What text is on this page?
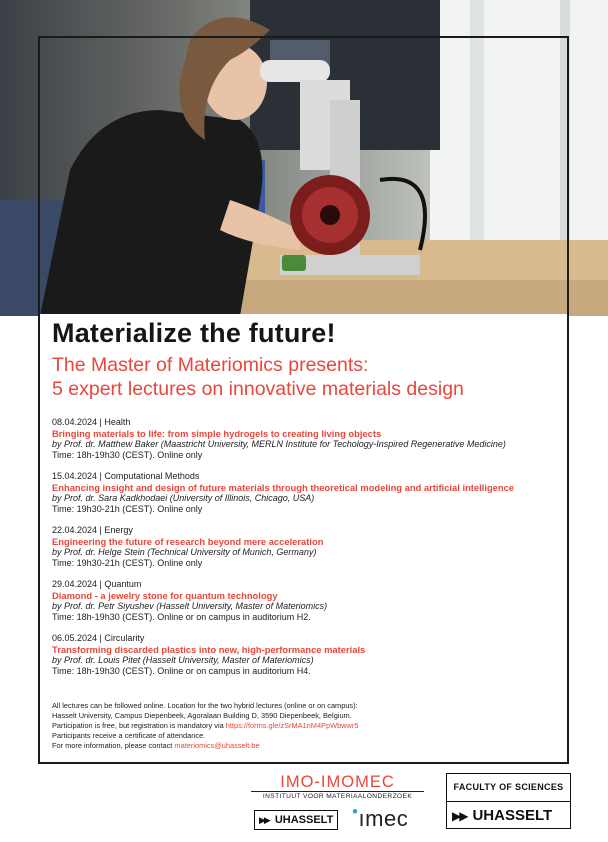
Materialize the future!
The Master of Materiomics presents:
5 expert lectures on innovative materials design
08.04.2024 | Health
Bringing materials to life: from simple hydrogels to creating living objects
by Prof. dr. Matthew Baker (Maastricht University, MERLN Institute for Techology-Inspired Regenerative Medicine)
Time: 18h-19h30 (CEST). Online only
15.04.2024 | Computational Methods
Enhancing insight and design of future materials through theoretical modeling and artificial intelligence
by Prof. dr. Sara Kadkhodaei (University of Illinois, Chicago, USA)
Time: 19h30-21h (CEST). Online only
22.04.2024 | Energy
Engineering the future of research beyond mere acceleration
by Prof. dr. Helge Stein (Technical University of Munich, Germany)
Time: 19h30-21h (CEST). Online only
29.04.2024 | Quantum
Diamond - a jewelry stone for quantum technology
by Prof. dr. Petr Siyushev (Hasselt University, Master of Materiomics)
Time: 18h-19h30 (CEST). Online or on campus in auditorium H2.
06.05.2024 | Circularity
Transforming discarded plastics into new, high-performance materials
by Prof. dr. Louis Pitet (Hasselt University, Master of Materiomics)
Time: 18h-19h30 (CEST). Online or on campus in auditorium H4.
All lectures can be followed online. Location for the two hybrid lectures (online or on campus):
Hasselt University, Campus Diepenbeek, Agoralaan Building D, 3590 Diepenbeek, Belgium.
Participation is free, but registration is mandatory via https://forms.gle/zSrMA1nM4PpWbwwr5
Participants receive a certificate of attendance.
For more information, please contact materiomics@uhasselt.be
IMO-IMOMEC
INSTITUUT VOOR MATERIAALONDERZOEK
▶▶ UHASSELT
●ımec
FACULTY OF SCIENCES
▶▶ UHASSELT
